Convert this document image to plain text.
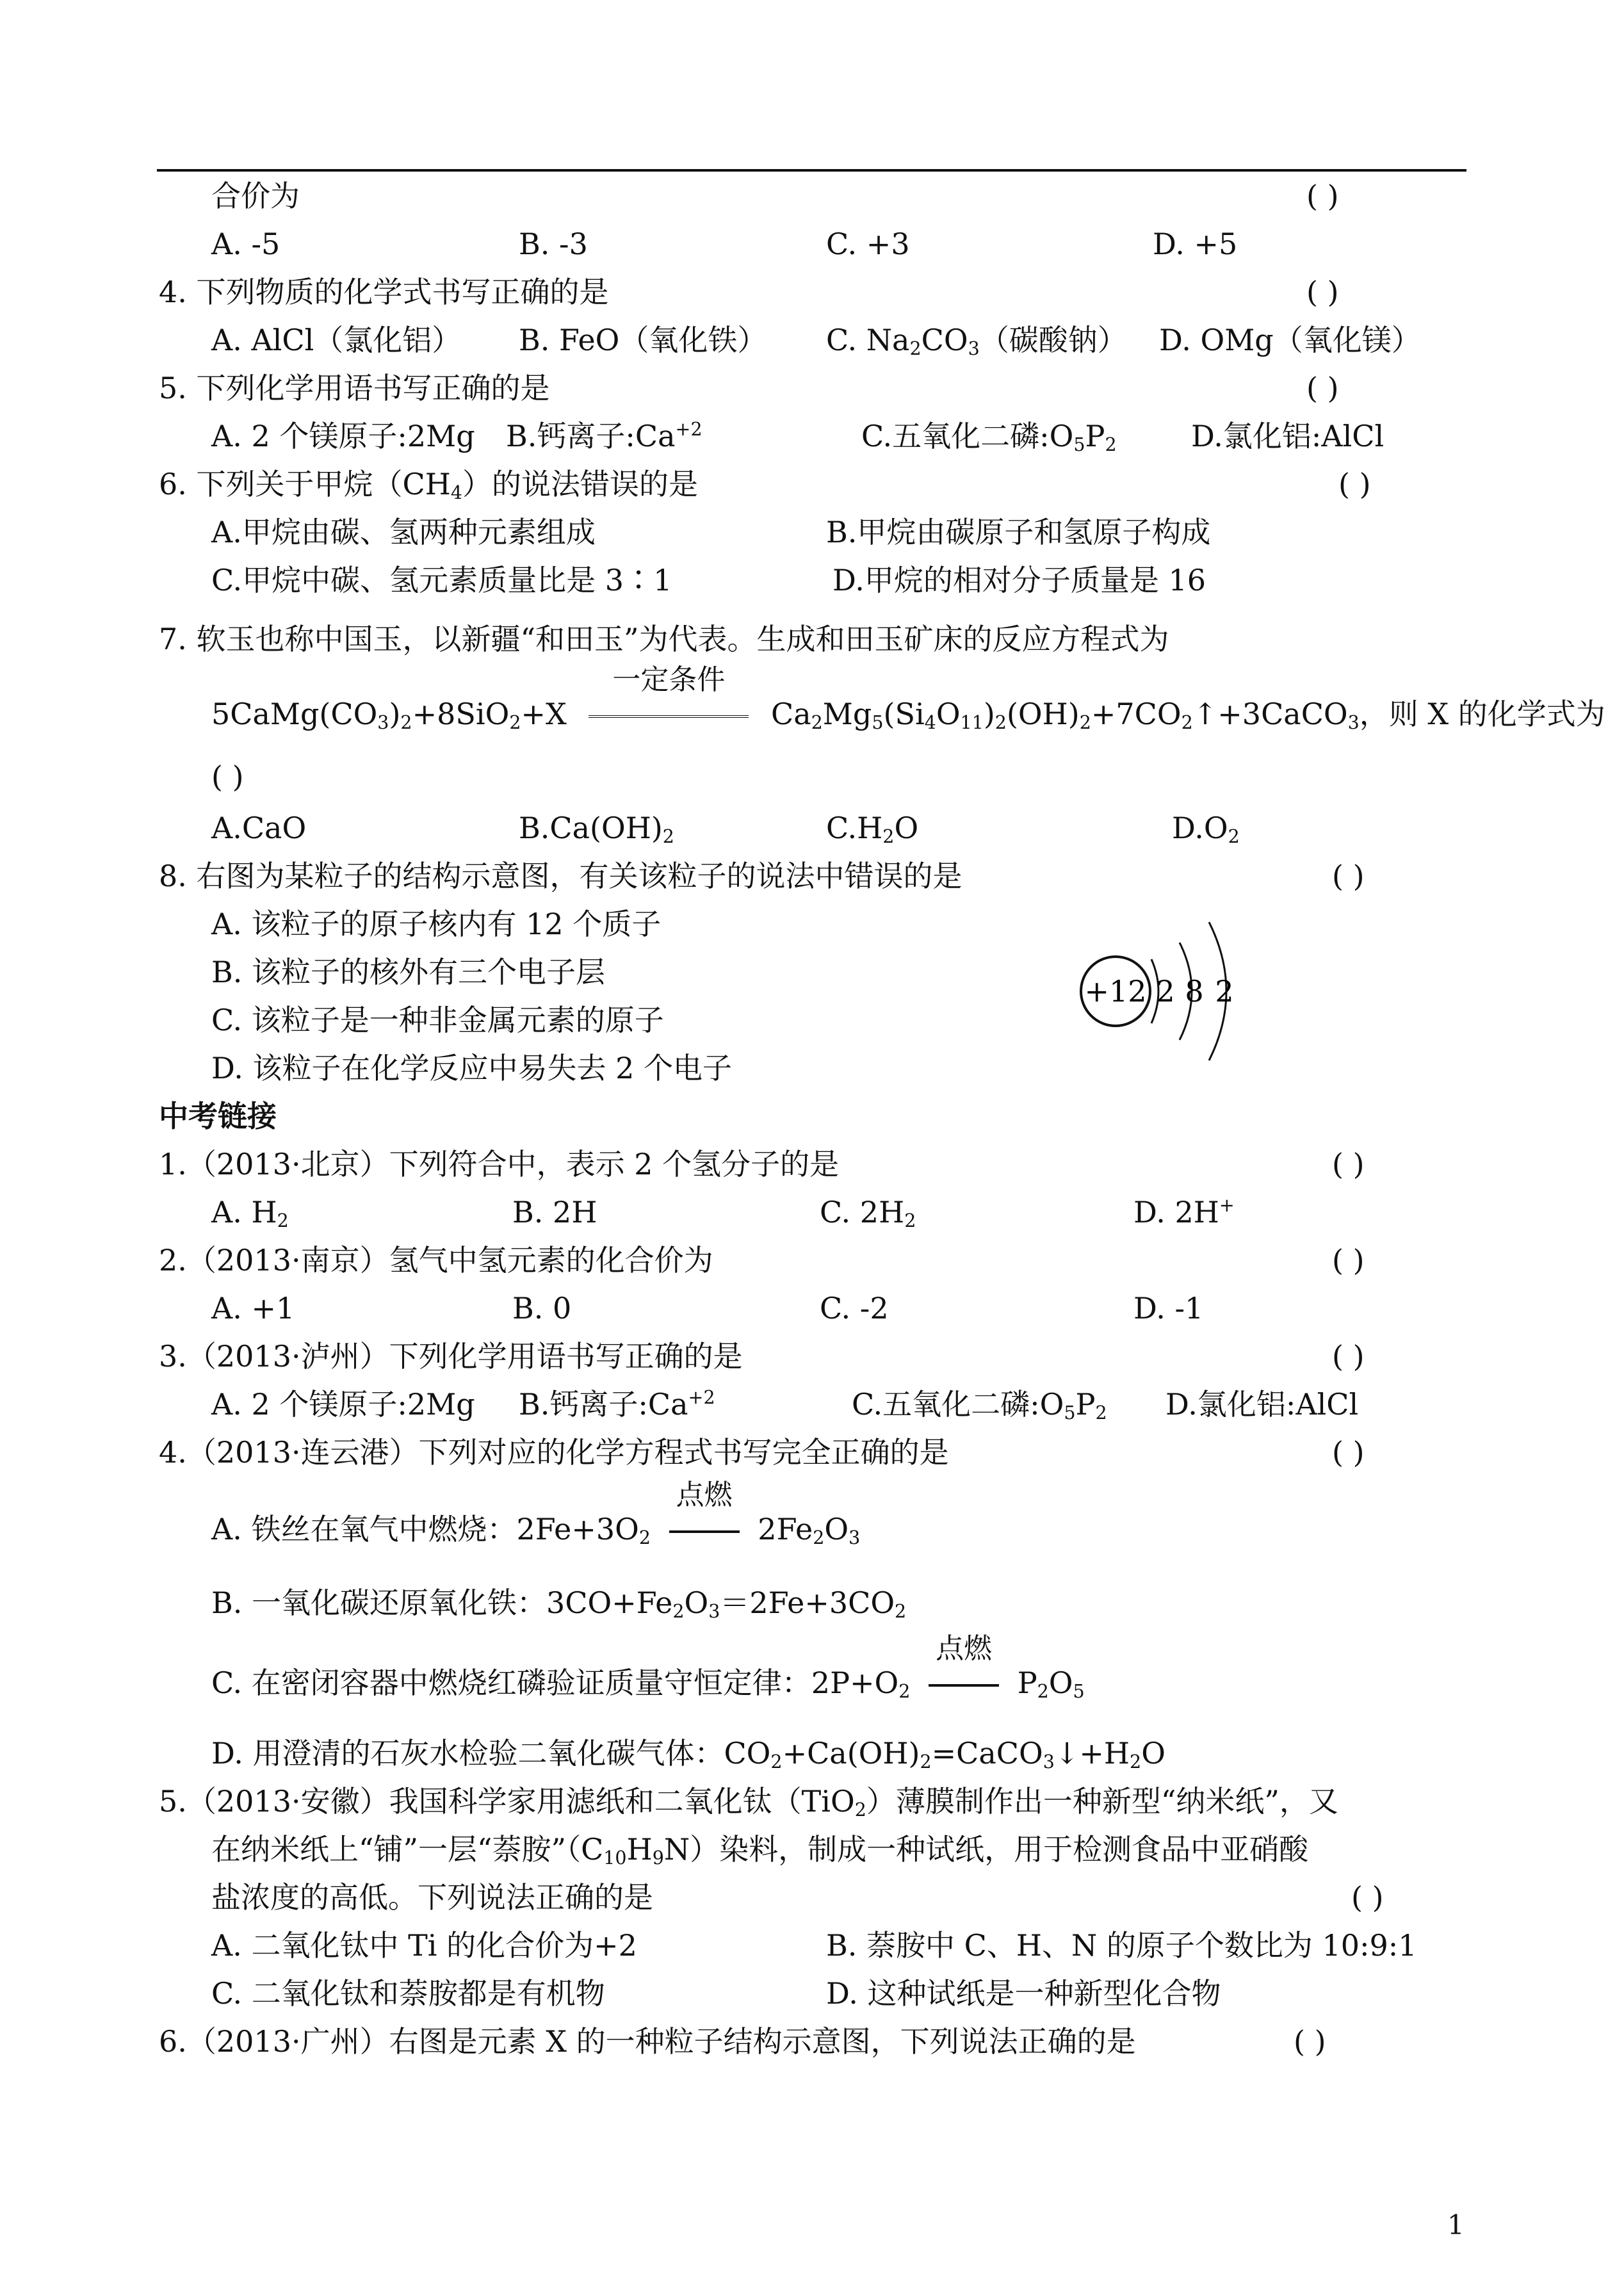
合价为	( )
A. -5	B. -3	C. +3	D. +5
4. 下列物质的化学式书写正确的是	( )
A. AlCl（氯化铝） B. FeO（氧化铁） C. $Na_2CO_3$（碳酸钠） D. OMg（氧化镁）
5. 下列化学用语书写正确的是	( )
A. 2 个镁原子:2Mg B.钙离子$:Ca^{+2}$	C.五氧化二磷$:O_5P_2$	D.氯化铝:AlCl
6. 下列关于甲烷$(CH_4)$的说法错误的是	( )
A.甲烷由碳、氢两种元素组成	B.甲烷由碳原子和氢原子构成
C.甲烷中碳、氢元素质量比是 3∶1	D.甲烷的相对分子质量是 16
7. 软玉也称中国玉，以新疆“和田玉”为代表。生成和田玉矿床的反应方程式为
$5CaMg(CO_3)_2+8SiO_2+X$
一定条件
$Ca_2Mg_5(Si_4O_{11})_2(OH)_2+7CO_2↑+3CaCO_3$，则 X 的化学式为
( )
A.CaO	$B.Ca(OH)_2$	$C.H_2O$	$D.O_2$
8. 右图为某粒子的结构示意图，有关该粒子的说法中错误的是	( )
A. 该粒子的原子核内有 12 个质子
B. 该粒子的核外有三个电子层
C. 该粒子是一种非金属元素的原子
D. 该粒子在化学反应中易失去 2 个电子
+12 2 8 2
中考链接
1.（2013·北京）下列符合中，表示 2 个氢分子的是	( )
A. $H_2$	B. 2H	C. $2H_2$	D. 2H+
2.（2013·南京）氢气中氢元素的化合价为	( )
A. +1	B. 0	C. -2	D. -1
3.（2013·泸州）下列化学用语书写正确的是	( )
A. 2 个镁原子:2Mg B.钙离子$:Ca^{+2}$	C.五氧化二磷$:O_5P_2$ D.氯化铝:AlCl
4.（2013·连云港）下列对应的化学方程式书写完全正确的是	( )
A. 铁丝在氧气中燃烧：$2Fe+3O_2$
点燃
$2Fe_2O_3$
B. 一氧化碳还原氧化铁：$3CO+Fe_2O_3=2Fe+3CO_2$
C. 在密闭容器中燃烧红磷验证质量守恒定律：$2P+O_2$
点燃
$P_2O_5$
D. 用澄清的石灰水检验二氧化碳气体：$CO_2+Ca(OH)_2=CaCO_3↓+H_2O$
5.（2013·安徽）我国科学家用滤纸和二氧化钛（TiO$_2$）薄膜制作出一种新型“纳米纸”，又
在纳米纸上“铺”一层“萘胺$”(C_{10}H_9N)$染料，制成一种试纸，用于检测食品中亚硝酸
盐浓度的高低。下列说法正确的是	( )
A. 二氧化钛中 Ti 的化合价为+2	B. 萘胺中 C、H、N 的原子个数比为 10:9:1
C. 二氧化钛和萘胺都是有机物	D. 这种试纸是一种新型化合物
6.（2013·广州）右图是元素 X 的一种粒子结构示意图，下列说法正确的是	( )
1
